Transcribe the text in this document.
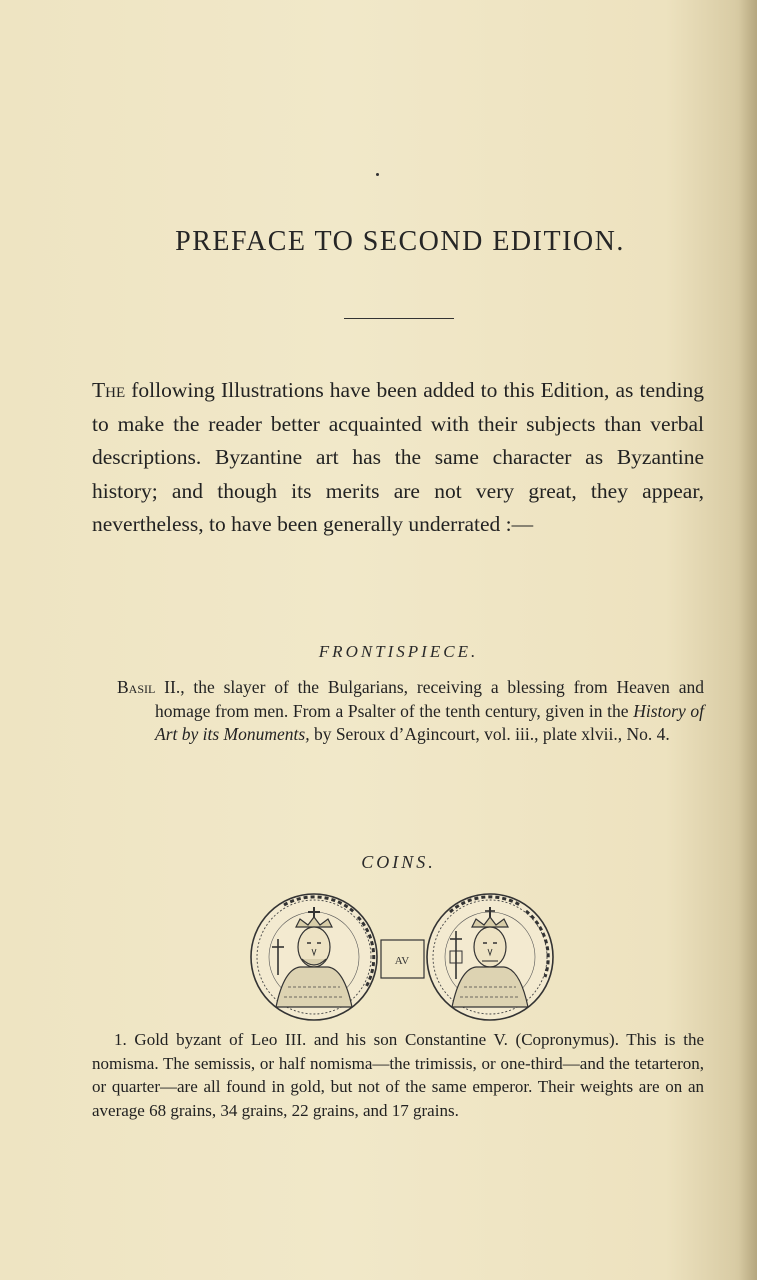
PREFACE TO SECOND EDITION.
The following Illustrations have been added to this Edition, as tending to make the reader better acquainted with their subjects than verbal descriptions. Byzantine art has the same character as Byzantine history; and though its merits are not very great, they appear, nevertheless, to have been generally underrated :—
FRONTISPIECE.

Basil II., the slayer of the Bulgarians, receiving a blessing from Heaven and homage from men. From a Psalter of the tenth century, given in the History of Art by its Monuments, by Seroux d’Agincourt, vol. iii., plate xlvii., No. 4.

COINS.
AV

1. Gold byzant of Leo III. and his son Constantine V. (Copronymus). This is the nomisma. The semissis, or half nomisma—the trimissis, or one-third—and the tetarteron, or quarter—are all found in gold, but not of the same emperor. Their weights are on an average 68 grains, 34 grains, 22 grains, and 17 grains.
